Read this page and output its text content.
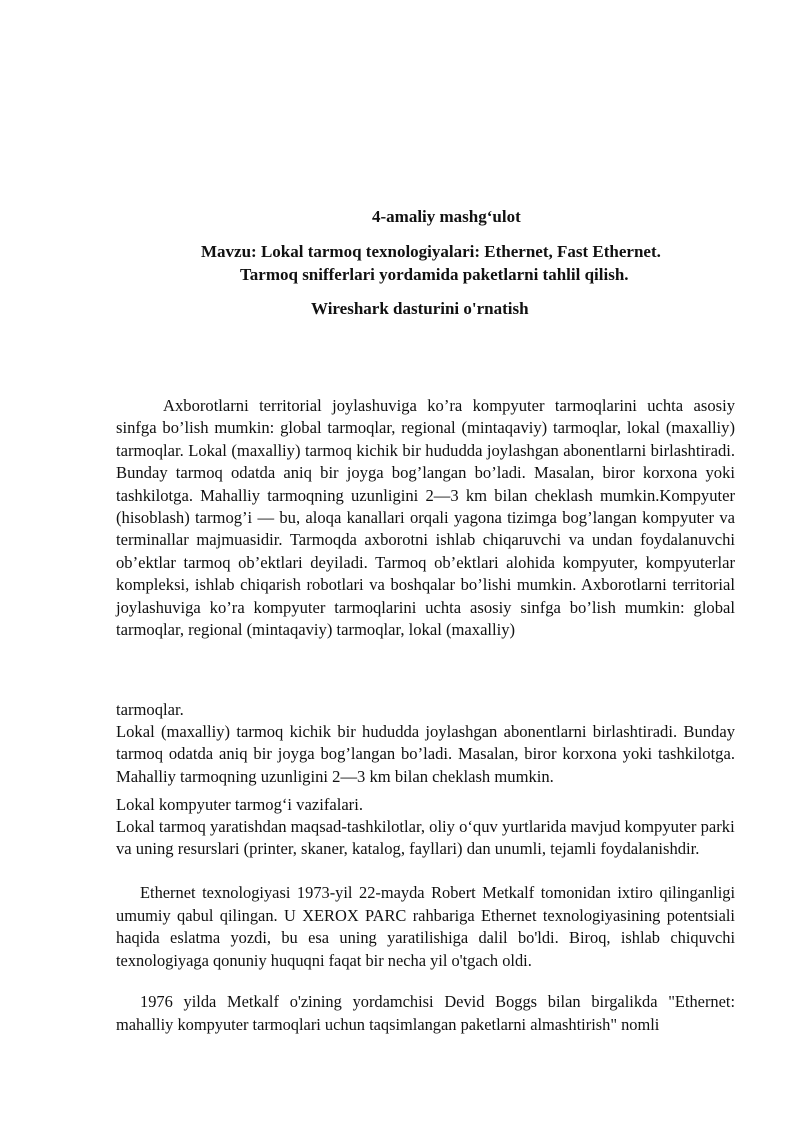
4-amaliy mashg‘ulot
Mavzu: Lokal tarmoq texnologiyalari: Ethernet, Fast Ethernet.
Tarmoq snifferlari yordamida paketlarni tahlil qilish.
Wireshark dasturini o'rnatish

Axborotlarni territorial joylashuviga ko’ra kompyuter tarmoqlarini uchta asosiy sinfga bo’lish mumkin: global tarmoqlar, regional (mintaqaviy) tarmoqlar, lokal (maxalliy) tarmoqlar. Lokal (maxalliy) tarmoq kichik bir hududda joylashgan abonentlarni birlashtiradi. Bunday tarmoq odatda aniq bir joyga bog’langan bo’ladi. Masalan, biror korxona yoki tashkilotga. Mahalliy tarmoqning uzunligini 2—3 km bilan cheklash mumkin.Kompyuter (hisoblash) tarmog’i — bu, aloqa kanallari orqali yagona tizimga bog’langan kompyuter va terminallar majmuasidir. Tarmoqda axborotni ishlab chiqaruvchi va undan foydalanuvchi ob’ektlar tarmoq ob’ektlari deyiladi. Tarmoq ob’ektlari alohida kompyuter, kompyuterlar kompleksi, ishlab chiqarish robotlari va boshqalar bo’lishi mumkin. Axborotlarni territorial joylashuviga ko’ra kompyuter tarmoqlarini uchta asosiy sinfga bo’lish mumkin: global tarmoqlar, regional (mintaqaviy) tarmoqlar, lokal (maxalliy)

tarmoqlar.

Lokal (maxalliy) tarmoq kichik bir hududda joylashgan abonentlarni birlashtiradi. Bunday tarmoq odatda aniq bir joyga bog’langan bo’ladi. Masalan, biror korxona yoki tashkilotga. Mahalliy tarmoqning uzunligini 2—3 km bilan cheklash mumkin.

Lokal kompyuter tarmog‘i vazifalari.

Lokal tarmoq yaratishdan maqsad-tashkilotlar, oliy o‘quv yurtlarida mavjud kompyuter parki va uning resurslari (printer, skaner, katalog, fayllari) dan unumli, tejamli foydalanishdir.

Ethernet texnologiyasi 1973-yil 22-mayda Robert Metkalf tomonidan ixtiro qilinganligi umumiy qabul qilingan. U XEROX PARC rahbariga Ethernet texnologiyasining potentsiali haqida eslatma yozdi, bu esa uning yaratilishiga dalil bo'ldi. Biroq, ishlab chiquvchi texnologiyaga qonuniy huquqni faqat bir necha yil o'tgach oldi.

1976 yilda Metkalf o'zining yordamchisi Devid Boggs bilan birgalikda "Ethernet: mahalliy kompyuter tarmoqlari uchun taqsimlangan paketlarni almashtirish" nomli
